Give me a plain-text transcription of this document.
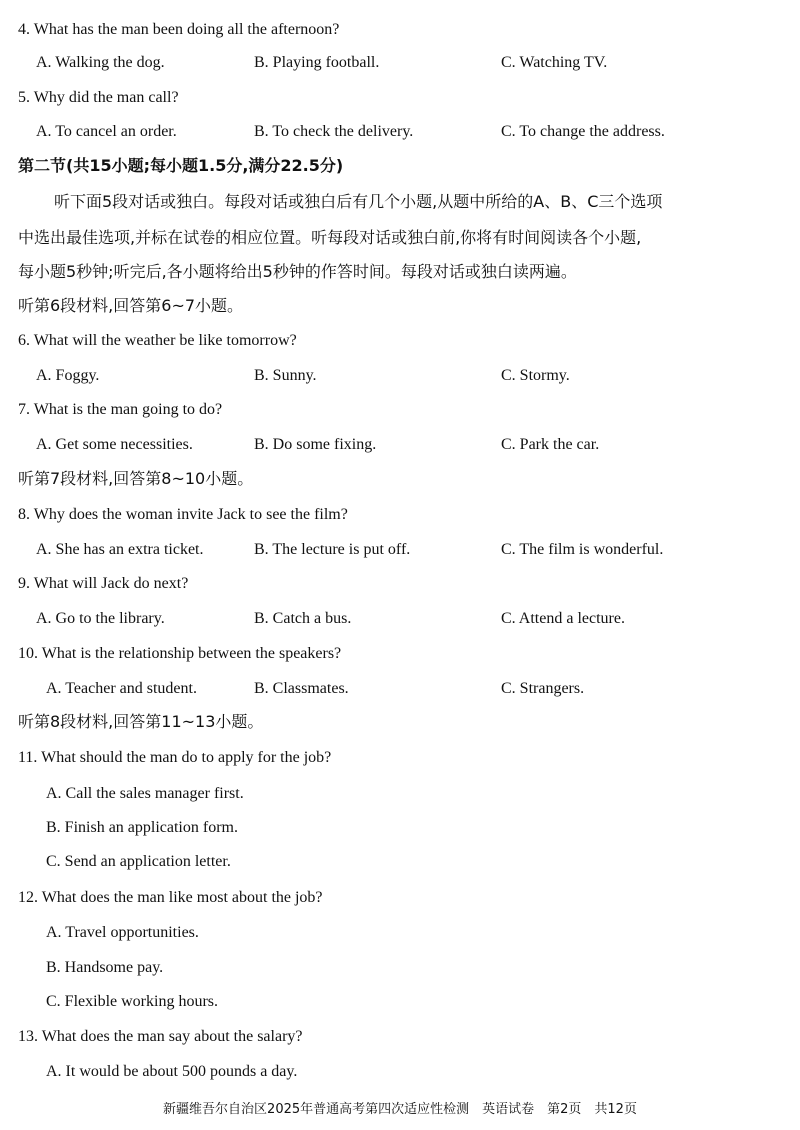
4. What has the man been doing all the afternoon?
A. Walking the dog.	B. Playing football.	C. Watching TV.
5. Why did the man call?
A. To cancel an order.	B. To check the delivery.	C. To change the address.
第二节(共15小题;每小题1.5分,满分22.5分)
听下面5段对话或独白。每段对话或独白后有几个小题,从题中所给的A、B、C三个选项
中选出最佳选项,并标在试卷的相应位置。听每段对话或独白前,你将有时间阅读各个小题,
每小题5秒钟;听完后,各小题将给出5秒钟的作答时间。每段对话或独白读两遍。
听第6段材料,回答第6~7小题。
6. What will the weather be like tomorrow?
A. Foggy.	B. Sunny.	C. Stormy.
7. What is the man going to do?
A. Get some necessities.	B. Do some fixing.	C. Park the car.
听第7段材料,回答第8~10小题。
8. Why does the woman invite Jack to see the film?
A. She has an extra ticket.	B. The lecture is put off.	C. The film is wonderful.
9. What will Jack do next?
A. Go to the library.	B. Catch a bus.	C. Attend a lecture.
10. What is the relationship between the speakers?
A. Teacher and student.	B. Classmates.	C. Strangers.
听第8段材料,回答第11~13小题。
11. What should the man do to apply for the job?
A. Call the sales manager first.
B. Finish an application form.
C. Send an application letter.
12. What does the man like most about the job?
A. Travel opportunities.
B. Handsome pay.
C. Flexible working hours.
13. What does the man say about the salary?
A. It would be about 500 pounds a day.
新疆维吾尔自治区2025年普通高考第四次适应性检测　英语试卷　第2页　共12页
